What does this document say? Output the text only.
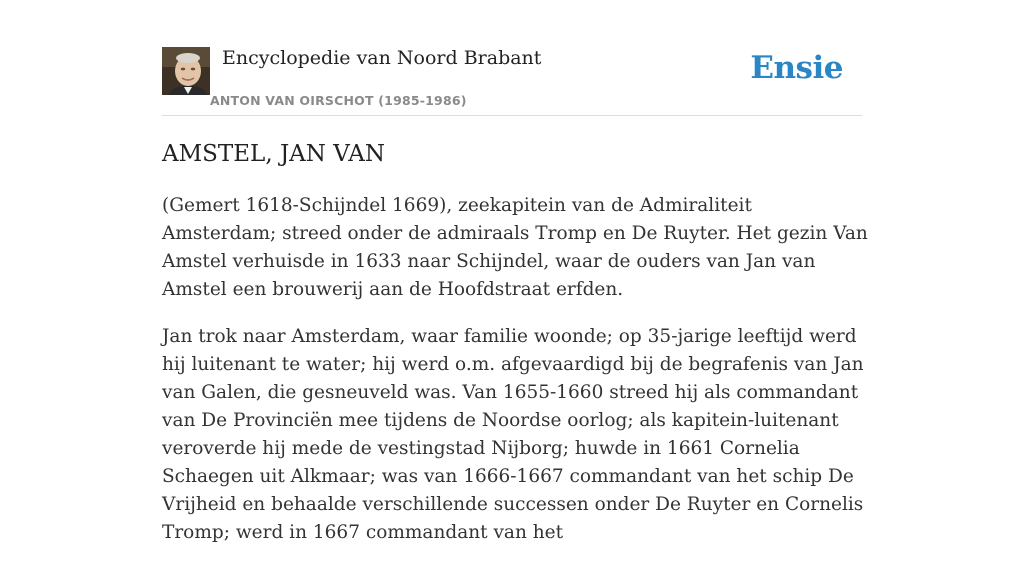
Encyclopedie van Noord Brabant
ANTON VAN OIRSCHOT (1985-1986)
Ensie
AMSTEL, JAN VAN

(Gemert 1618-Schijndel 1669), zeekapitein van de Admiraliteit Amsterdam; streed onder de admiraals Tromp en De Ruyter. Het gezin Van Amstel verhuisde in 1633 naar Schijndel, waar de ouders van Jan van Amstel een brouwerij aan de Hoofdstraat erfden.

Jan trok naar Amsterdam, waar familie woonde; op 35-jarige leeftijd werd hij luitenant te water; hij werd o.m. afgevaardigd bij de begrafenis van Jan van Galen, die gesneuveld was. Van 1655-1660 streed hij als commandant van De Provinciën mee tijdens de Noordse oorlog; als kapitein-luitenant veroverde hij mede de vestingstad Nijborg; huwde in 1661 Cornelia Schaegen uit Alkmaar; was van 1666-1667 commandant van het schip De Vrijheid en behaalde verschillende successen onder De Ruyter en Cornelis Tromp; werd in 1667 commandant van het
